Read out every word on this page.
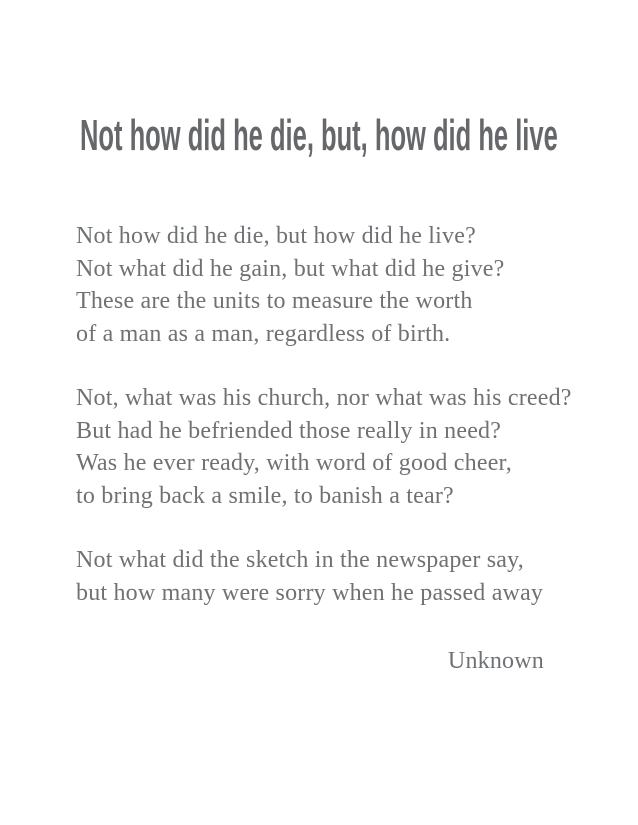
Not how did he die, but, how did he live
Not how did he die, but how did he live?
Not what did he gain, but what did he give?
These are the units to measure the worth
of a man as a man, regardless of birth.
Not, what was his church, nor what was his creed?
But had he befriended those really in need?
Was he ever ready, with word of good cheer,
to bring back a smile, to banish a tear?
Not what did the sketch in the newspaper say,
but how many were sorry when he passed away
Unknown
